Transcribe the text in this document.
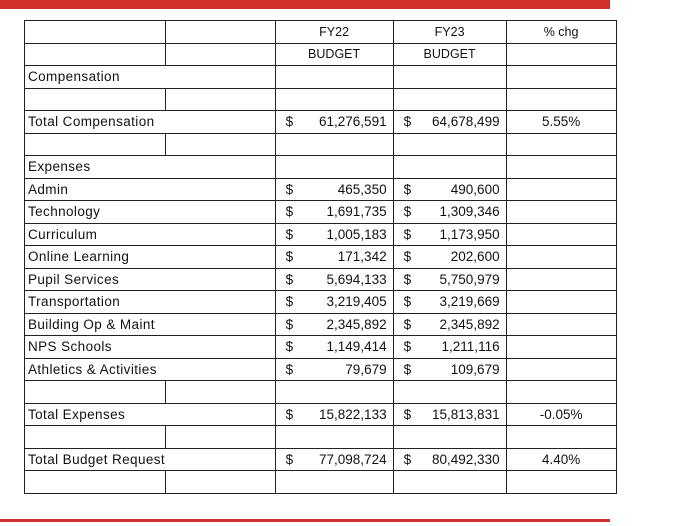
		FY22	FY23	% chg
		BUDGET	BUDGET	
Compensation				

Total Compensation		$ 61,276,591	$ 64,678,499	5.55%

Expenses				
Admin		$ 465,350	$ 490,600	

Technology		$ 1,691,735	$ 1,309,346	

Curriculum		$ 1,005,183	$ 1,173,950	

Online Learning		$ 171,342	$ 202,600	

Pupil Services		$ 5,694,133	$ 5,750,979	

Transportation		$ 3,219,405	$ 3,219,669	

Building Op & Maint		$ 2,345,892	$ 2,345,892	

NPS Schools		$ 1,149,414	$ 1,211,116	

Athletics & Activities		$ 79,679	$ 109,679	

Total Expenses		$ 15,822,133	$ 15,813,831	-0.05%

Total Budget Request		$ 77,098,724	$ 80,492,330	4.40%
